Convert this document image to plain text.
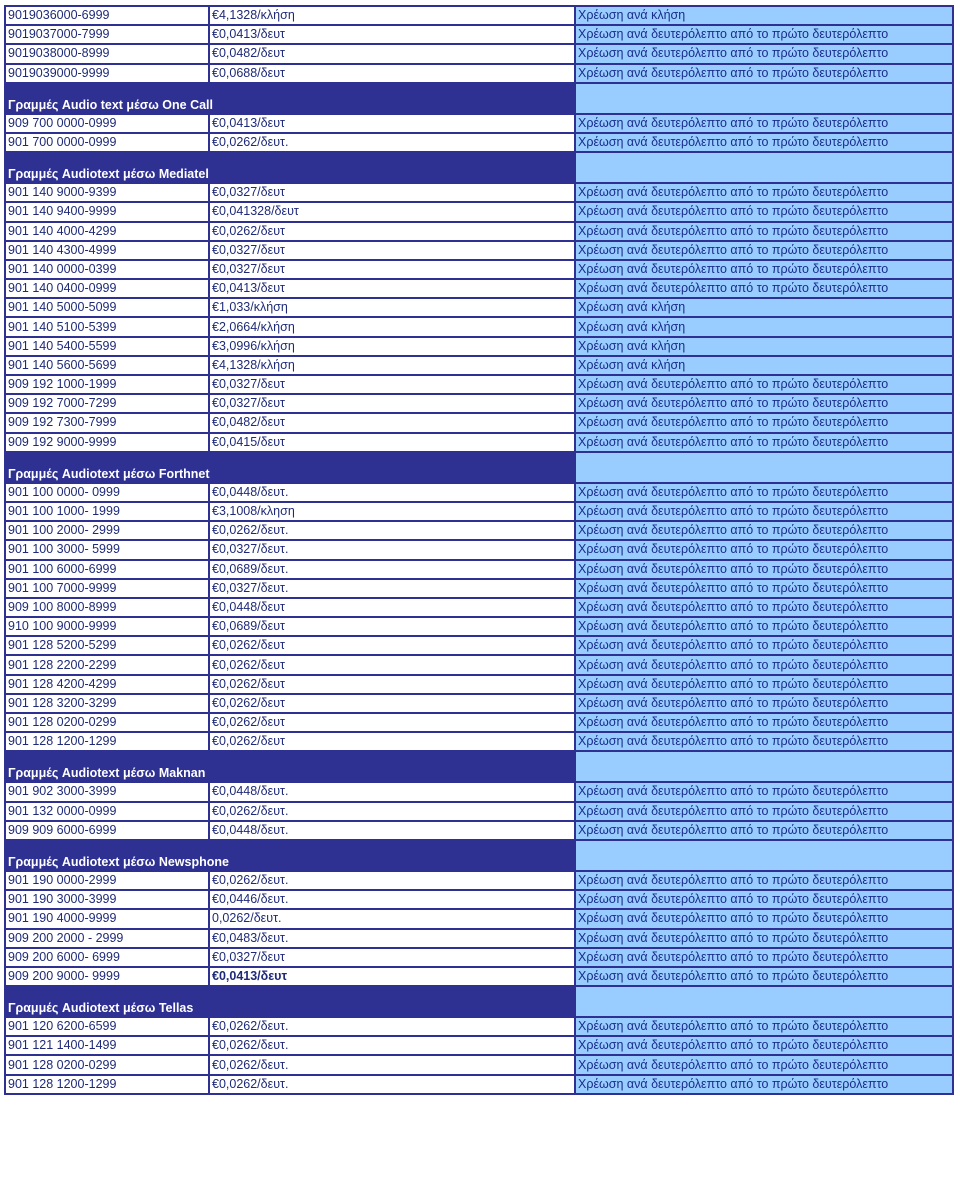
9019036000-6999	€4,1328/κλήση	Χρέωση ανά κλήση
9019037000-7999	€0,0413/δευτ	Χρέωση ανά δευτερόλεπτο από το πρώτο δευτερόλεπτο
9019038000-8999	€0,0482/δευτ	Χρέωση ανά δευτερόλεπτο από το πρώτο δευτερόλεπτο
9019039000-9999	€0,0688/δευτ	Χρέωση ανά δευτερόλεπτο από το πρώτο δευτερόλεπτο
Γραμμές Audio text μέσω One Call		
909 700 0000-0999	€0,0413/δευτ	Χρέωση ανά δευτερόλεπτο από το πρώτο δευτερόλεπτο
901 700 0000-0999	€0,0262/δευτ.	Χρέωση ανά δευτερόλεπτο από το πρώτο δευτερόλεπτο
Γραμμές Audiotext μέσω Mediatel		
901 140 9000-9399	€0,0327/δευτ	Χρέωση ανά δευτερόλεπτο από το πρώτο δευτερόλεπτο
901 140 9400-9999	€0,041328/δευτ	Χρέωση ανά δευτερόλεπτο από το πρώτο δευτερόλεπτο
901 140 4000-4299	€0,0262/δευτ	Χρέωση ανά δευτερόλεπτο από το πρώτο δευτερόλεπτο
901 140 4300-4999	€0,0327/δευτ	Χρέωση ανά δευτερόλεπτο από το πρώτο δευτερόλεπτο
901 140 0000-0399	€0,0327/δευτ	Χρέωση ανά δευτερόλεπτο από το πρώτο δευτερόλεπτο
901 140 0400-0999	€0,0413/δευτ	Χρέωση ανά δευτερόλεπτο από το πρώτο δευτερόλεπτο
901 140 5000-5099	€1,033/κλήση	Χρέωση ανά κλήση
901 140 5100-5399	€2,0664/κλήση	Χρέωση ανά κλήση
901 140 5400-5599	€3,0996/κλήση	Χρέωση ανά κλήση
901 140 5600-5699	€4,1328/κλήση	Χρέωση ανά κλήση
909 192 1000-1999	€0,0327/δευτ	Χρέωση ανά δευτερόλεπτο από το πρώτο δευτερόλεπτο
909 192 7000-7299	€0,0327/δευτ	Χρέωση ανά δευτερόλεπτο από το πρώτο δευτερόλεπτο
909 192 7300-7999	€0,0482/δευτ	Χρέωση ανά δευτερόλεπτο από το πρώτο δευτερόλεπτο
909 192 9000-9999	€0,0415/δευτ	Χρέωση ανά δευτερόλεπτο από το πρώτο δευτερόλεπτο
Γραμμές Audiotext μέσω Forthnet		
901 100 0000- 0999	€0,0448/δευτ.	Χρέωση ανά δευτερόλεπτο από το πρώτο δευτερόλεπτο
901 100 1000- 1999	€3,1008/κληση	Χρέωση ανά δευτερόλεπτο από το πρώτο δευτερόλεπτο
901 100 2000- 2999	€0,0262/δευτ.	Χρέωση ανά δευτερόλεπτο από το πρώτο δευτερόλεπτο
901 100 3000- 5999	€0,0327/δευτ.	Χρέωση ανά δευτερόλεπτο από το πρώτο δευτερόλεπτο
901 100 6000-6999	€0,0689/δευτ.	Χρέωση ανά δευτερόλεπτο από το πρώτο δευτερόλεπτο
901 100 7000-9999	€0,0327/δευτ.	Χρέωση ανά δευτερόλεπτο από το πρώτο δευτερόλεπτο
909 100 8000-8999	€0,0448/δευτ	Χρέωση ανά δευτερόλεπτο από το πρώτο δευτερόλεπτο
910 100 9000-9999	€0,0689/δευτ	Χρέωση ανά δευτερόλεπτο από το πρώτο δευτερόλεπτο
901 128 5200-5299	€0,0262/δευτ	Χρέωση ανά δευτερόλεπτο από το πρώτο δευτερόλεπτο
901 128 2200-2299	€0,0262/δευτ	Χρέωση ανά δευτερόλεπτο από το πρώτο δευτερόλεπτο
901 128 4200-4299	€0,0262/δευτ	Χρέωση ανά δευτερόλεπτο από το πρώτο δευτερόλεπτο
901 128 3200-3299	€0,0262/δευτ	Χρέωση ανά δευτερόλεπτο από το πρώτο δευτερόλεπτο
901 128 0200-0299	€0,0262/δευτ	Χρέωση ανά δευτερόλεπτο από το πρώτο δευτερόλεπτο
901 128 1200-1299	€0,0262/δευτ	Χρέωση ανά δευτερόλεπτο από το πρώτο δευτερόλεπτο
Γραμμές Audiotext μέσω Maknan		
901 902 3000-3999	€0,0448/δευτ.	Χρέωση ανά δευτερόλεπτο από το πρώτο δευτερόλεπτο
901 132 0000-0999	€0,0262/δευτ.	Χρέωση ανά δευτερόλεπτο από το πρώτο δευτερόλεπτο
909 909 6000-6999	€0,0448/δευτ.	Χρέωση ανά δευτερόλεπτο από το πρώτο δευτερόλεπτο
Γραμμές Audiotext μέσω Newsphone		
901 190 0000-2999	€0,0262/δευτ.	Χρέωση ανά δευτερόλεπτο από το πρώτο δευτερόλεπτο
901 190 3000-3999	€0,0446/δευτ.	Χρέωση ανά δευτερόλεπτο από το πρώτο δευτερόλεπτο
901 190 4000-9999	0,0262/δευτ.	Χρέωση ανά δευτερόλεπτο από το πρώτο δευτερόλεπτο
909 200 2000 - 2999	€0,0483/δευτ.	Χρέωση ανά δευτερόλεπτο από το πρώτο δευτερόλεπτο
909 200 6000- 6999	€0,0327/δευτ	Χρέωση ανά δευτερόλεπτο από το πρώτο δευτερόλεπτο
909 200 9000- 9999	€0,0413/δευτ	Χρέωση ανά δευτερόλεπτο από το πρώτο δευτερόλεπτο
Γραμμές Audiotext μέσω Tellas		
901 120 6200-6599	€0,0262/δευτ.	Χρέωση ανά δευτερόλεπτο από το πρώτο δευτερόλεπτο
901 121 1400-1499	€0,0262/δευτ.	Χρέωση ανά δευτερόλεπτο από το πρώτο δευτερόλεπτο
901 128 0200-0299	€0,0262/δευτ.	Χρέωση ανά δευτερόλεπτο από το πρώτο δευτερόλεπτο
901 128 1200-1299	€0,0262/δευτ.	Χρέωση ανά δευτερόλεπτο από το πρώτο δευτερόλεπτο
